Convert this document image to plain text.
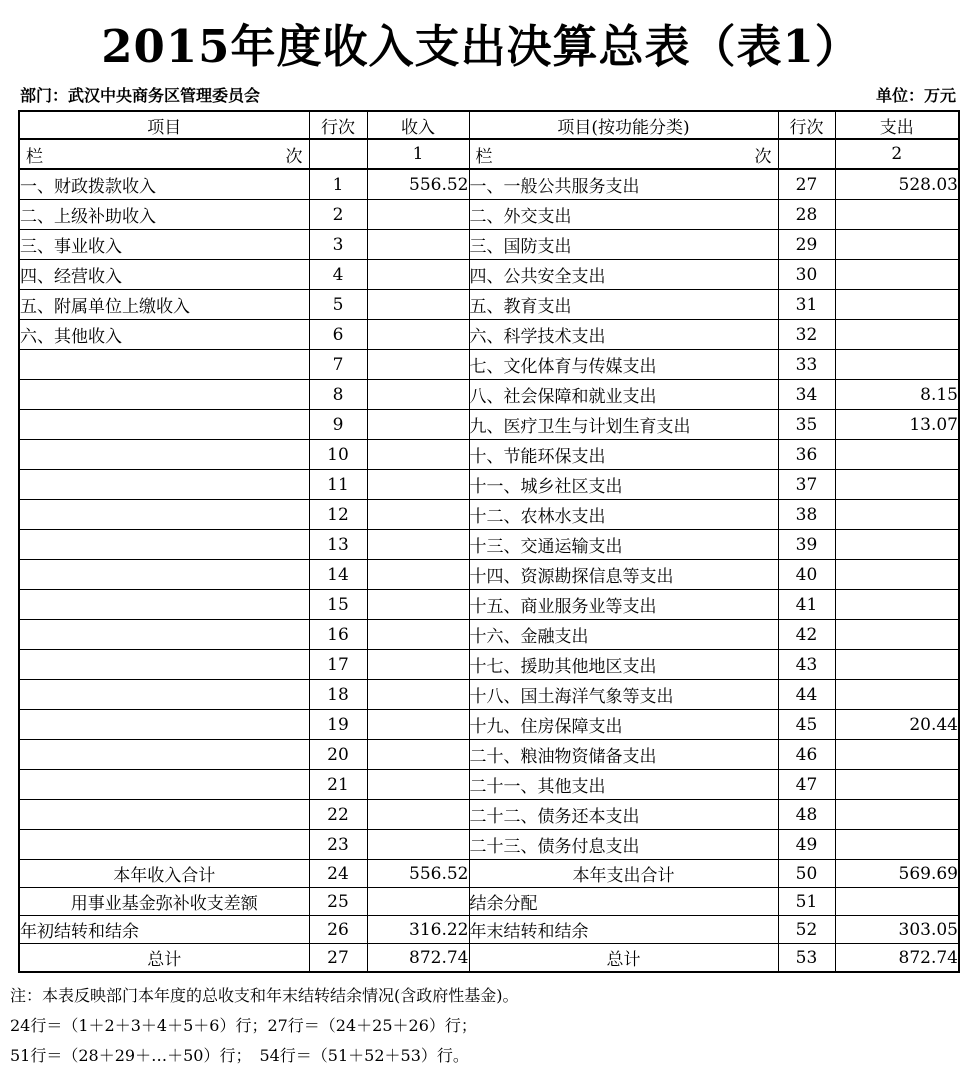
2015年度收入支出决算总表（表1）
部门：武汉中央商务区管理委员会	单位：万元
项目	行次	收入	项目(按功能分类)	行次	支出

栏 次		1	栏 次		2
一、财政拨款收入	1	556.52	一、一般公共服务支出	27	528.03
二、上级补助收入	2		二、外交支出	28	
三、事业收入	3		三、国防支出	29	
四、经营收入	4		四、公共安全支出	30	
五、附属单位上缴收入	5		五、教育支出	31	
六、其他收入	6		六、科学技术支出	32	
	7		七、文化体育与传媒支出	33	
	8		八、社会保障和就业支出	34	8.15
	9		九、医疗卫生与计划生育支出	35	13.07
	10		十、节能环保支出	36	
	11		十一、城乡社区支出	37	
	12		十二、农林水支出	38	
	13		十三、交通运输支出	39	
	14		十四、资源勘探信息等支出	40	
	15		十五、商业服务业等支出	41	
	16		十六、金融支出	42	
	17		十七、援助其他地区支出	43	
	18		十八、国土海洋气象等支出	44	
	19		十九、住房保障支出	45	20.44
	20		二十、粮油物资储备支出	46	
	21		二十一、其他支出	47	
	22		二十二、债务还本支出	48	
	23		二十三、债务付息支出	49	
本年收入合计	24	556.52	本年支出合计	50	569.69
用事业基金弥补收支差额	25		结余分配	51	
年初结转和结余	26	316.22	年末结转和结余	52	303.05
总计	27	872.74	总计	53	872.74
注：本表反映部门本年度的总收支和年末结转结余情况(含政府性基金)。
24行＝（1＋2＋3＋4＋5＋6）行；27行＝（24＋25＋26）行；
51行＝（28＋29＋…＋50）行；　54行＝（51＋52＋53）行。
